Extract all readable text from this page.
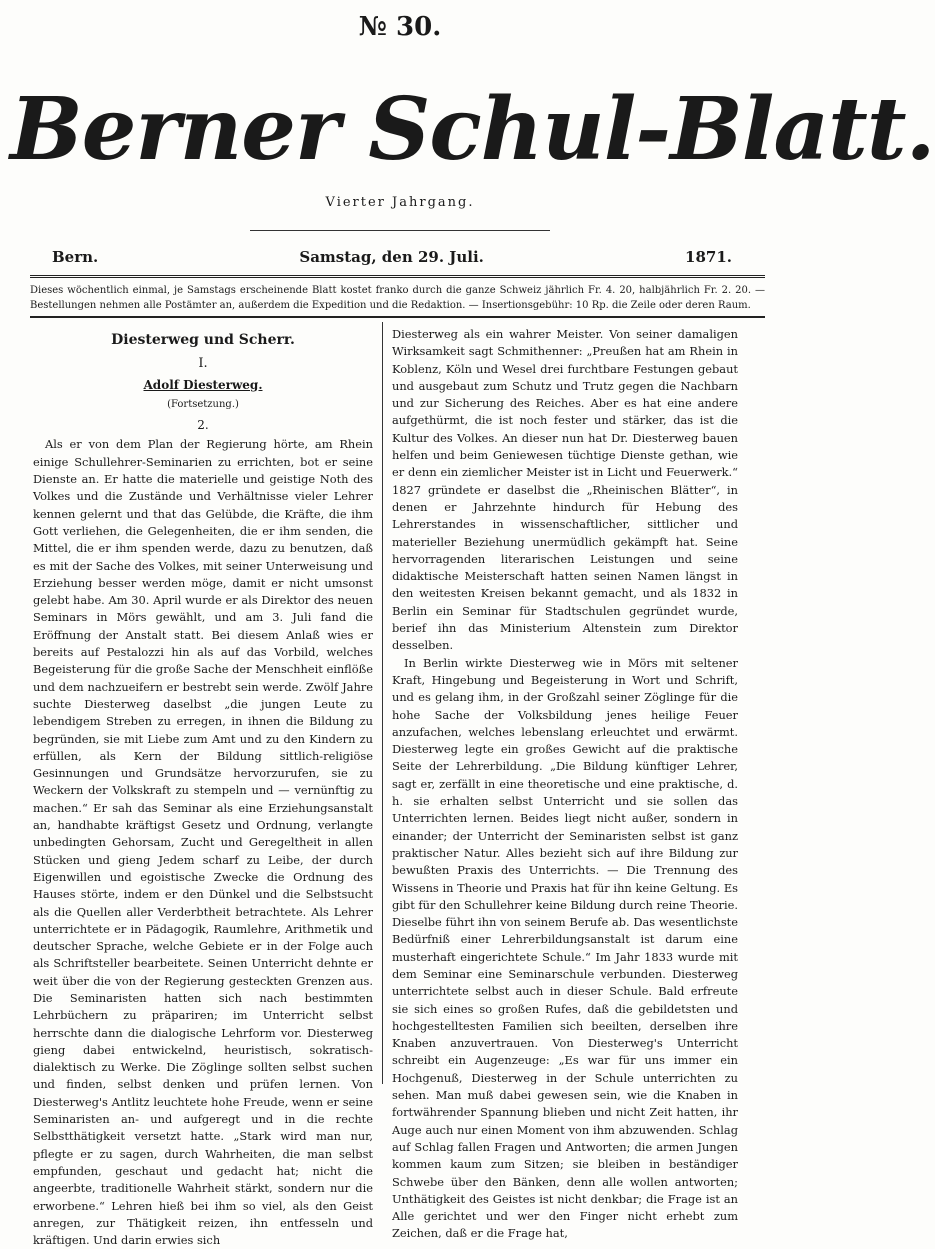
№ 30.
Berner Schul-Blatt.
Vierter Jahrgang.
Bern.	Samstag, den 29. Juli.	1871.
Dieses wöchentlich einmal, je Samstags erscheinende Blatt kostet franko durch die ganze Schweiz jährlich Fr. 4. 20, halbjährlich Fr. 2. 20. — Bestellungen nehmen alle Postämter an, außerdem die Expedition und die Redaktion. — Insertionsgebühr: 10 Rp. die Zeile oder deren Raum.
Diesterweg und Scherr.
I.
Adolf Diesterweg.
(Fortsetzung.)
2.

Als er von dem Plan der Regierung hörte, am Rhein einige Schullehrer-Seminarien zu errichten, bot er seine Dienste an. Er hatte die materielle und geistige Noth des Volkes und die Zustände und Verhältnisse vieler Lehrer kennen gelernt und that das Gelübde, die Kräfte, die ihm Gott verliehen, die Gelegenheiten, die er ihm senden, die Mittel, die er ihm spenden werde, dazu zu benutzen, daß es mit der Sache des Volkes, mit seiner Unterweisung und Erziehung besser werden möge, damit er nicht umsonst gelebt habe. Am 30. April wurde er als Direktor des neuen Seminars in Mörs gewählt, und am 3. Juli fand die Eröffnung der Anstalt statt. Bei diesem Anlaß wies er bereits auf Pestalozzi hin als auf das Vorbild, welches Begeisterung für die große Sache der Menschheit einflöße und dem nachzueifern er bestrebt sein werde. Zwölf Jahre suchte Diesterweg daselbst „die jungen Leute zu lebendigem Streben zu erregen, in ihnen die Bildung zu begründen, sie mit Liebe zum Amt und zu den Kindern zu erfüllen, als Kern der Bildung sittlich-religiöse Gesinnungen und Grundsätze hervorzurufen, sie zu Weckern der Volkskraft zu stempeln und — vernünftig zu machen.“ Er sah das Seminar als eine Erziehungsanstalt an, handhabte kräftigst Gesetz und Ordnung, verlangte unbedingten Gehorsam, Zucht und Geregeltheit in allen Stücken und gieng Jedem scharf zu Leibe, der durch Eigenwillen und egoistische Zwecke die Ordnung des Hauses störte, indem er den Dünkel und die Selbstsucht als die Quellen aller Verderbtheit betrachtete. Als Lehrer unterrichtete er in Pädagogik, Raumlehre, Arithmetik und deutscher Sprache, welche Gebiete er in der Folge auch als Schriftsteller bearbeitete. Seinen Unterricht dehnte er weit über die von der Regierung gesteckten Grenzen aus. Die Seminaristen hatten sich nach bestimmten Lehrbüchern zu präpariren; im Unterricht selbst herrschte dann die dialogische Lehrform vor. Diesterweg gieng dabei entwickelnd, heuristisch, sokratisch-dialektisch zu Werke. Die Zöglinge sollten selbst suchen und finden, selbst denken und prüfen lernen. Von Diesterweg's Antlitz leuchtete hohe Freude, wenn er seine Seminaristen an- und aufgeregt und in die rechte Selbstthätigkeit versetzt hatte. „Stark wird man nur, pflegte er zu sagen, durch Wahrheiten, die man selbst empfunden, geschaut und gedacht hat; nicht die angeerbte, traditionelle Wahrheit stärkt, sondern nur die erworbene.“ Lehren hieß bei ihm so viel, als den Geist anregen, zur Thätigkeit reizen, ihn entfesseln und kräftigen. Und darin erwies sich

Diesterweg als ein wahrer Meister. Von seiner damaligen Wirksamkeit sagt Schmithenner: „Preußen hat am Rhein in Koblenz, Köln und Wesel drei furchtbare Festungen gebaut und ausgebaut zum Schutz und Trutz gegen die Nachbarn und zur Sicherung des Reiches. Aber es hat eine andere aufgethürmt, die ist noch fester und stärker, das ist die Kultur des Volkes. An dieser nun hat Dr. Diesterweg bauen helfen und beim Geniewesen tüchtige Dienste gethan, wie er denn ein ziemlicher Meister ist in Licht und Feuerwerk.“ 1827 gründete er daselbst die „Rheinischen Blätter“, in denen er Jahrzehnte hindurch für Hebung des Lehrerstandes in wissenschaftlicher, sittlicher und materieller Beziehung unermüdlich gekämpft hat. Seine hervorragenden literarischen Leistungen und seine didaktische Meisterschaft hatten seinen Namen längst in den weitesten Kreisen bekannt gemacht, und als 1832 in Berlin ein Seminar für Stadtschulen gegründet wurde, berief ihn das Ministerium Altenstein zum Direktor desselben.

In Berlin wirkte Diesterweg wie in Mörs mit seltener Kraft, Hingebung und Begeisterung in Wort und Schrift, und es gelang ihm, in der Großzahl seiner Zöglinge für die hohe Sache der Volksbildung jenes heilige Feuer anzufachen, welches lebenslang erleuchtet und erwärmt. Diesterweg legte ein großes Gewicht auf die praktische Seite der Lehrerbildung. „Die Bildung künftiger Lehrer, sagt er, zerfällt in eine theoretische und eine praktische, d. h. sie erhalten selbst Unterricht und sie sollen das Unterrichten lernen. Beides liegt nicht außer, sondern in einander; der Unterricht der Seminaristen selbst ist ganz praktischer Natur. Alles bezieht sich auf ihre Bildung zur bewußten Praxis des Unterrichts. — Die Trennung des Wissens in Theorie und Praxis hat für ihn keine Geltung. Es gibt für den Schullehrer keine Bildung durch reine Theorie. Dieselbe führt ihn von seinem Berufe ab. Das wesentlichste Bedürfniß einer Lehrerbildungsanstalt ist darum eine musterhaft eingerichtete Schule.“ Im Jahr 1833 wurde mit dem Seminar eine Seminarschule verbunden. Diesterweg unterrichtete selbst auch in dieser Schule. Bald erfreute sie sich eines so großen Rufes, daß die gebildetsten und hochgestelltesten Familien sich beeilten, derselben ihre Knaben anzuvertrauen. Von Diesterweg's Unterricht schreibt ein Augenzeuge: „Es war für uns immer ein Hochgenuß, Diesterweg in der Schule unterrichten zu sehen. Man muß dabei gewesen sein, wie die Knaben in fortwährender Spannung blieben und nicht Zeit hatten, ihr Auge auch nur einen Moment von ihm abzuwenden. Schlag auf Schlag fallen Fragen und Antworten; die armen Jungen kommen kaum zum Sitzen; sie bleiben in beständiger Schwebe über den Bänken, denn alle wollen antworten; Unthätigkeit des Geistes ist nicht denkbar; die Frage ist an Alle gerichtet und wer den Finger nicht erhebt zum Zeichen, daß er die Frage hat,
